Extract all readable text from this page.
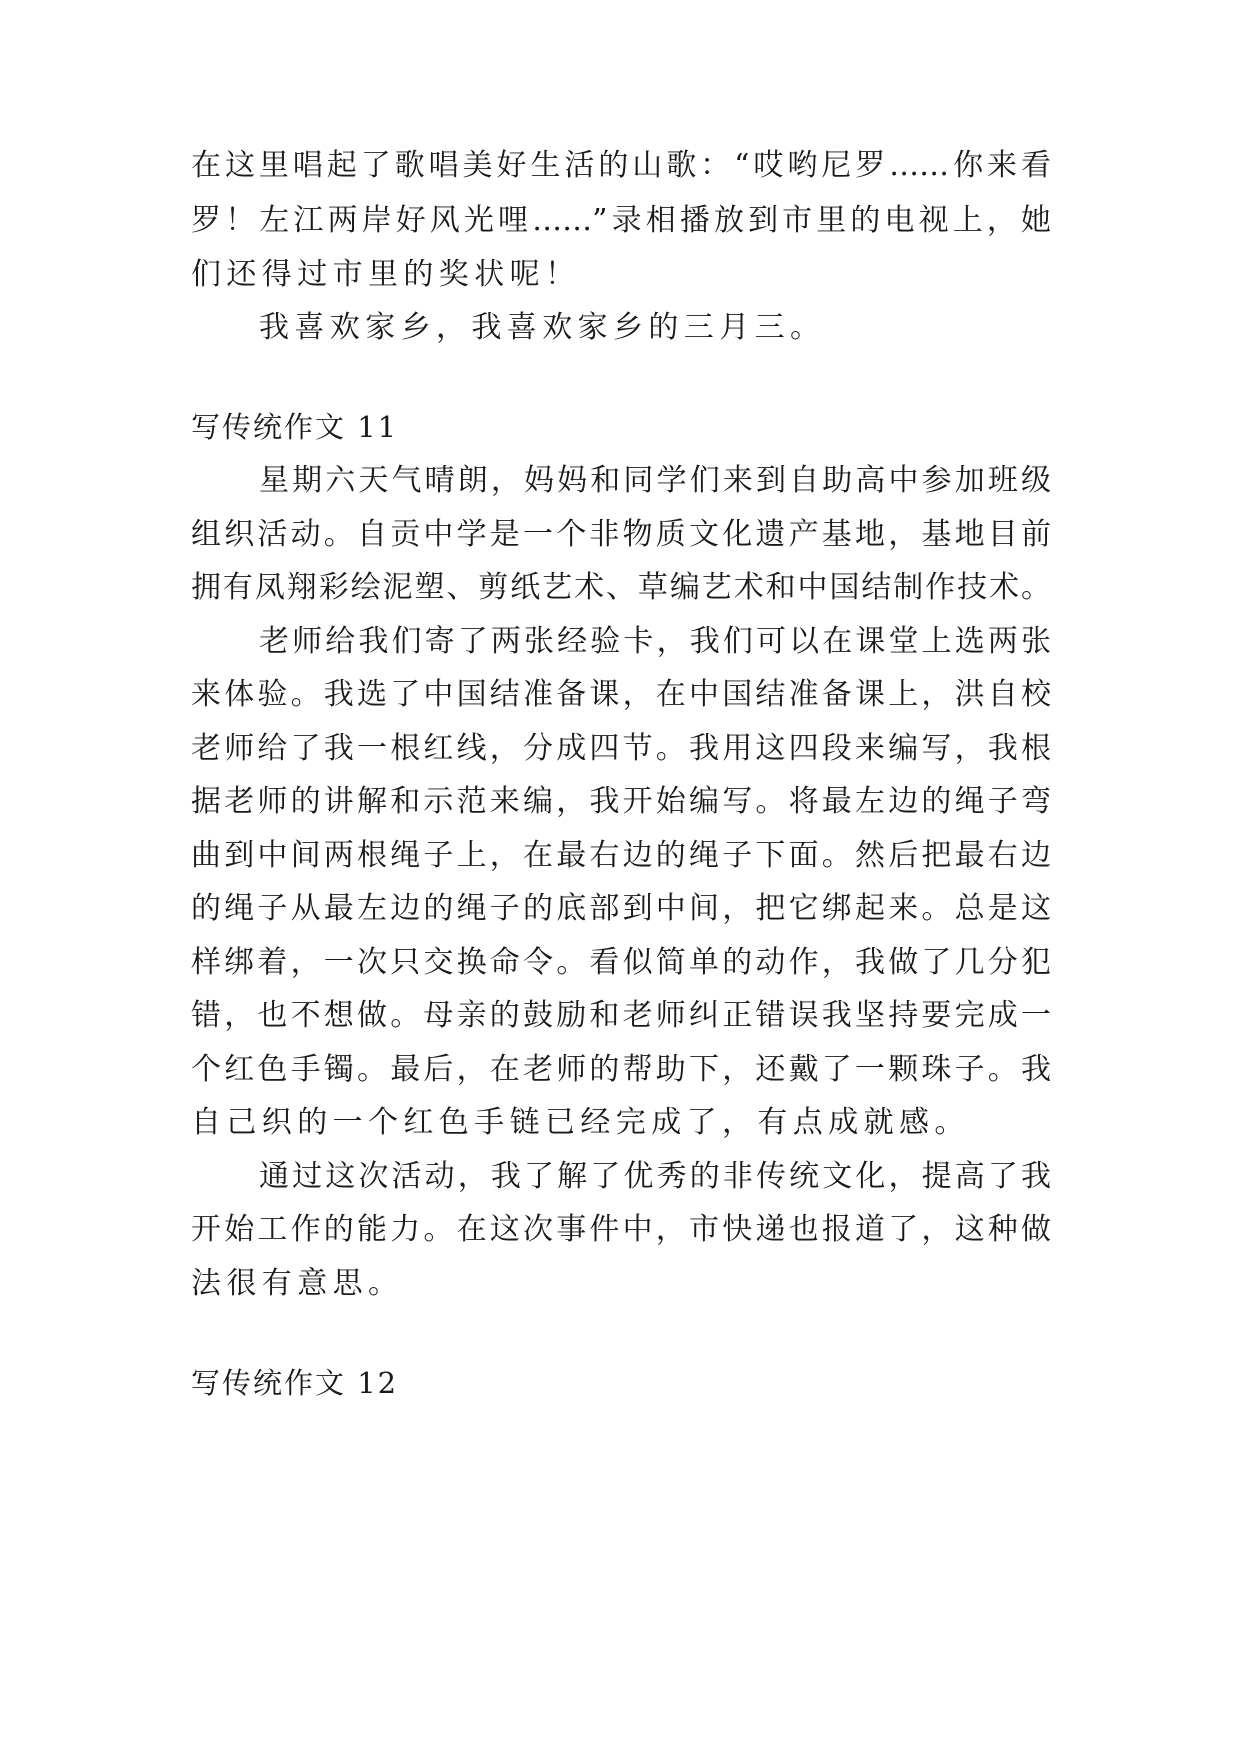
在这里唱起了歌唱美好生活的山歌：“哎哟尼罗……你来看
罗！左江两岸好风光哩……”录相播放到市里的电视上，她
们还得过市里的奖状呢！
我喜欢家乡，我喜欢家乡的三月三。
写传统作文 11
星期六天气晴朗，妈妈和同学们来到自助高中参加班级
组织活动。自贡中学是一个非物质文化遗产基地，基地目前
拥有凤翔彩绘泥塑、剪纸艺术、草编艺术和中国结制作技术。
老师给我们寄了两张经验卡，我们可以在课堂上选两张
来体验。我选了中国结准备课，在中国结准备课上，洪自校
老师给了我一根红线，分成四节。我用这四段来编写，我根
据老师的讲解和示范来编，我开始编写。将最左边的绳子弯
曲到中间两根绳子上，在最右边的绳子下面。然后把最右边
的绳子从最左边的绳子的底部到中间，把它绑起来。总是这
样绑着，一次只交换命令。看似简单的动作，我做了几分犯
错，也不想做。母亲的鼓励和老师纠正错误我坚持要完成一
个红色手镯。最后，在老师的帮助下，还戴了一颗珠子。我
自己织的一个红色手链已经完成了，有点成就感。
通过这次活动，我了解了优秀的非传统文化，提高了我
开始工作的能力。在这次事件中，市快递也报道了，这种做
法很有意思。
写传统作文 12
